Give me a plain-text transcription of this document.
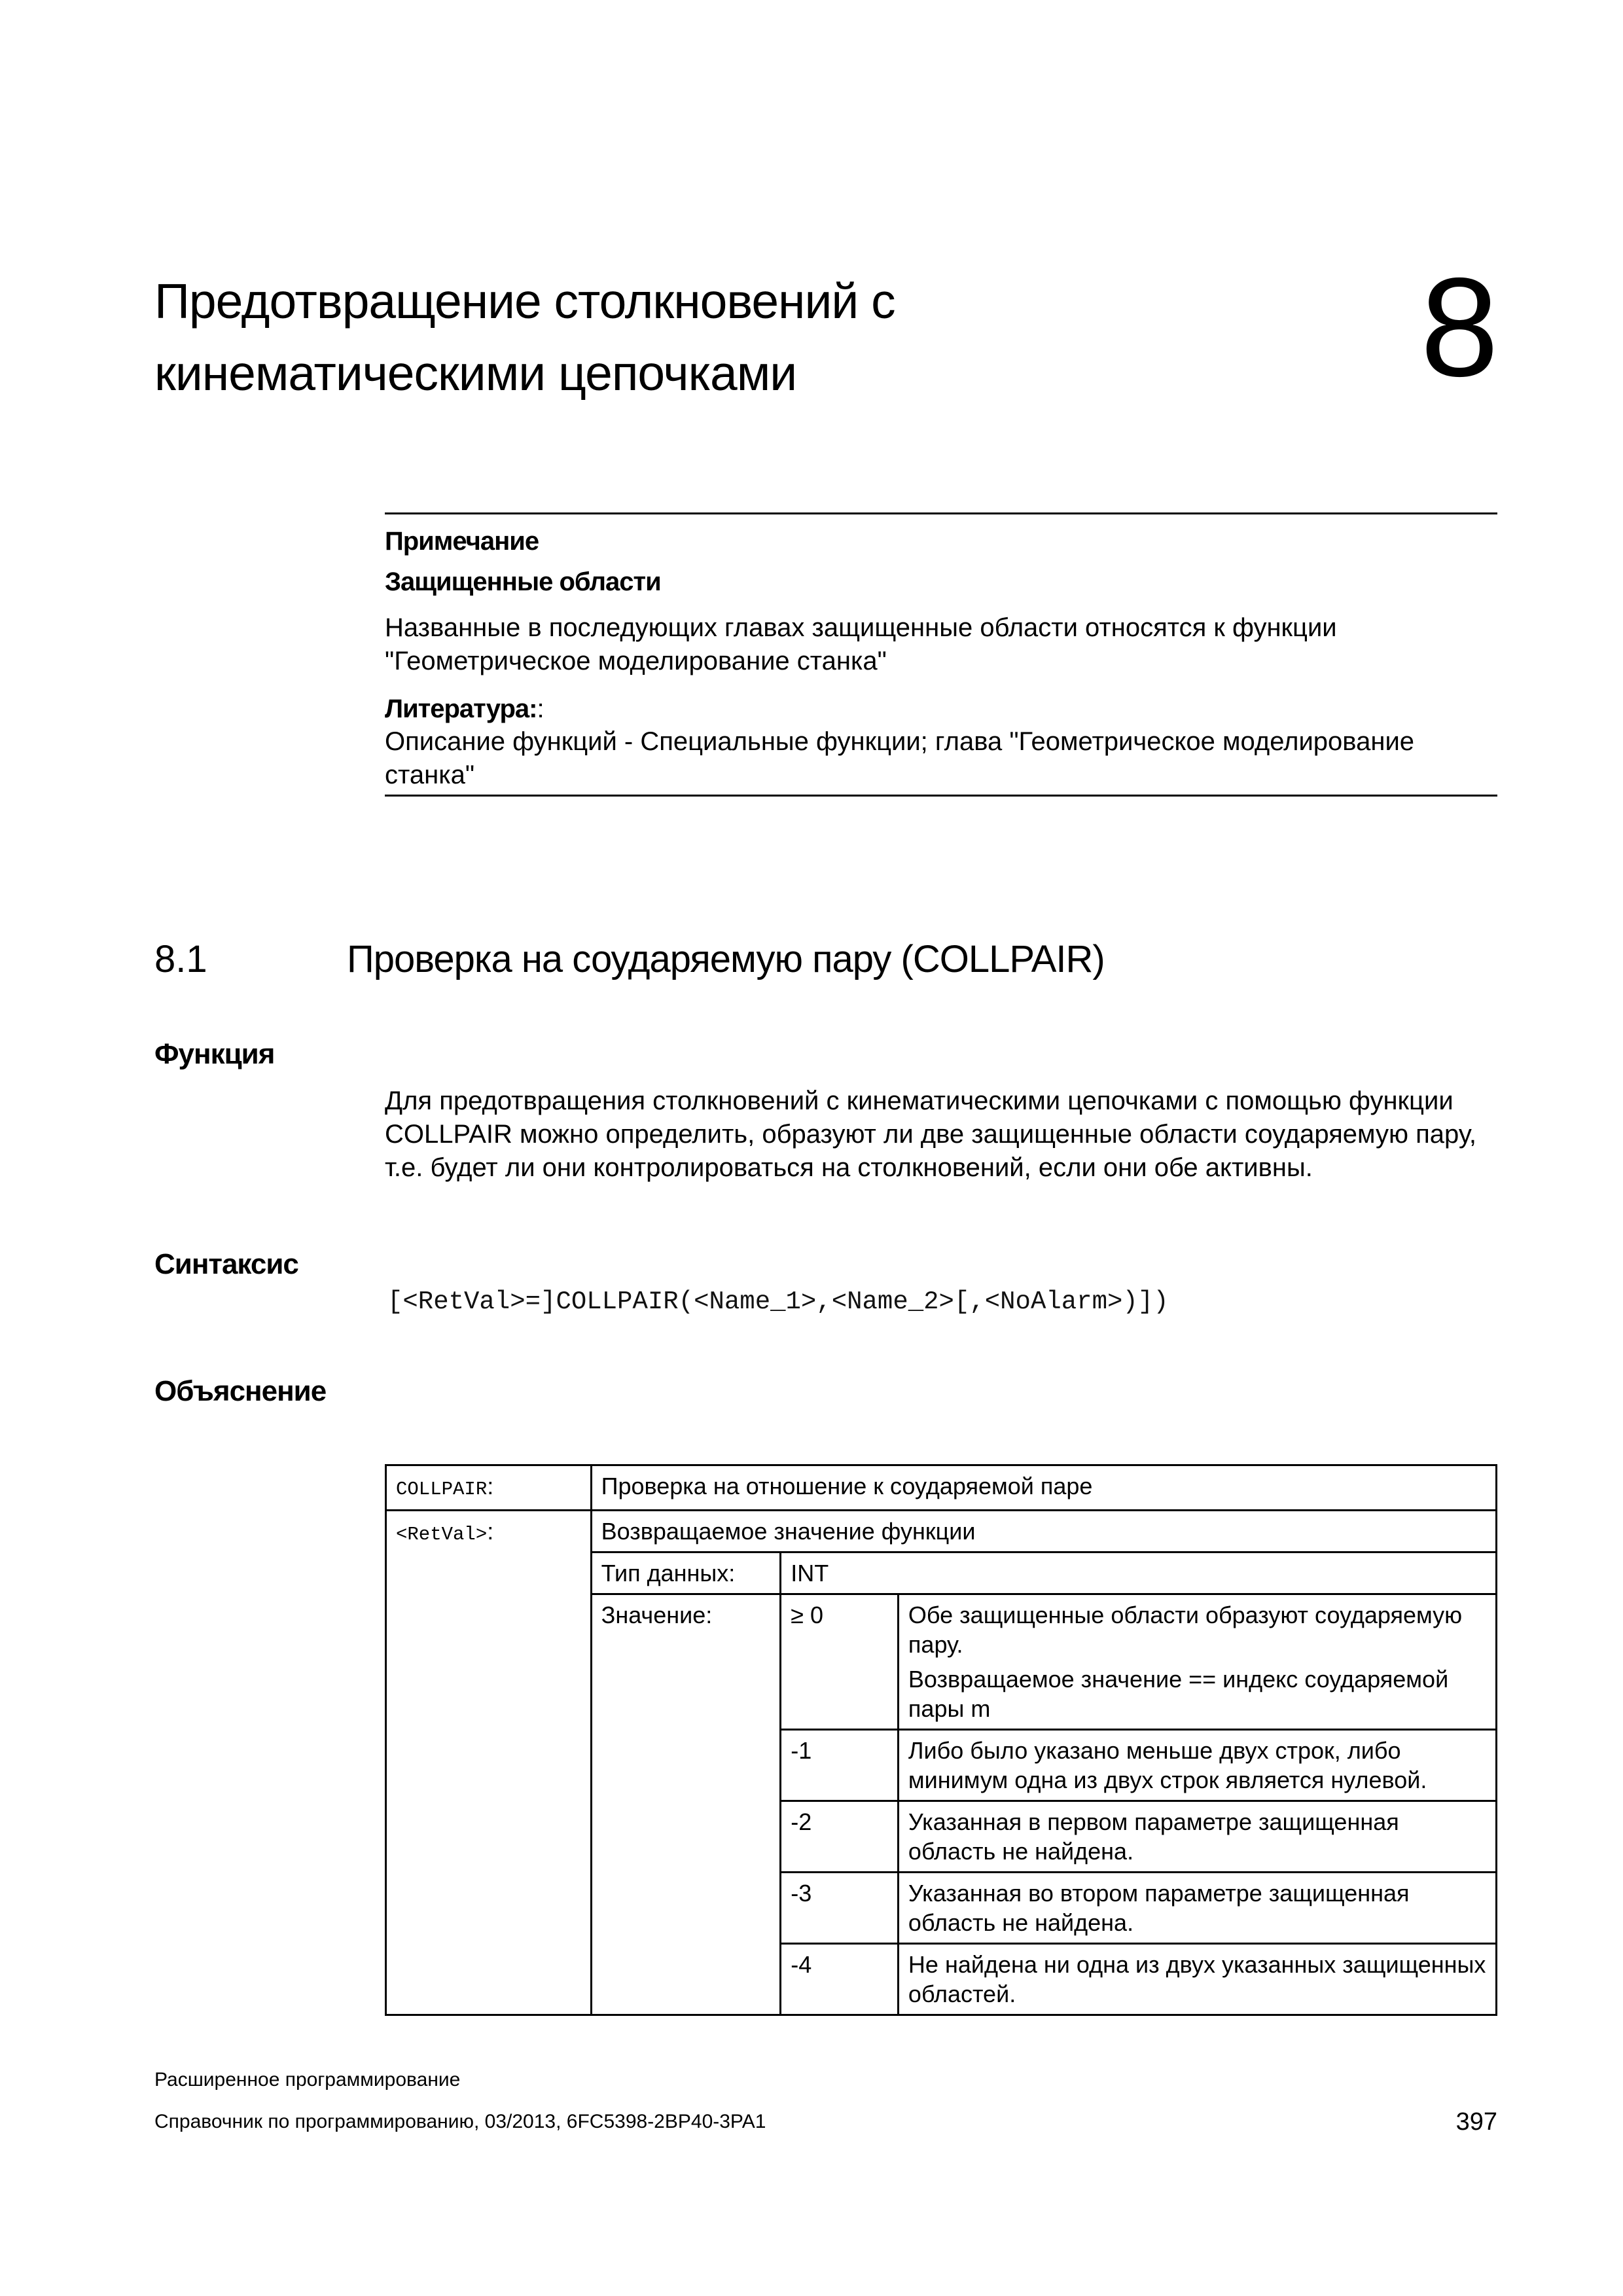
Предотвращение столкновений с
кинематическими цепочками	8
Примечание
Защищенные области
Названные в последующих главах защищенные области относятся к функции "Геометрическое моделирование станка"
Литература::
Описание функций - Специальные функции; глава "Геометрическое моделирование станка"
8.1	Проверка на соударяемую пару (COLLPAIR)
Функция
Для предотвращения столкновений с кинематическими цепочками с помощью функции COLLPAIR можно определить, образуют ли две защищенные области соударяемую пару, т.е. будет ли они контролироваться на столкновений, если они обе активны.
Синтаксис
[<RetVal>=]COLLPAIR(<Name_1>,<Name_2>[,<NoAlarm>)])
Объяснение
COLLPAIR:	Проверка на отношение к соударяемой паре		
<RetVal>:	Возвращаемое значение функции		
	Тип данных:	INT	
	Значение:	≥ 0	Обе защищенные области образуют соударяемую пару.
Возвращаемое значение == индекс соударяемой пары m

		-1	Либо было указано меньше двух строк, либо минимум одна из двух строк является нулевой.
		-2	Указанная в первом параметре защищенная область не найдена.
		-3	Указанная во втором параметре защищенная область не найдена.
		-4	Не найдена ни одна из двух указанных защищенных областей.
Расширенное программирование
Справочник по программированию, 03/2013, 6FC5398-2BP40-3PA1	397
